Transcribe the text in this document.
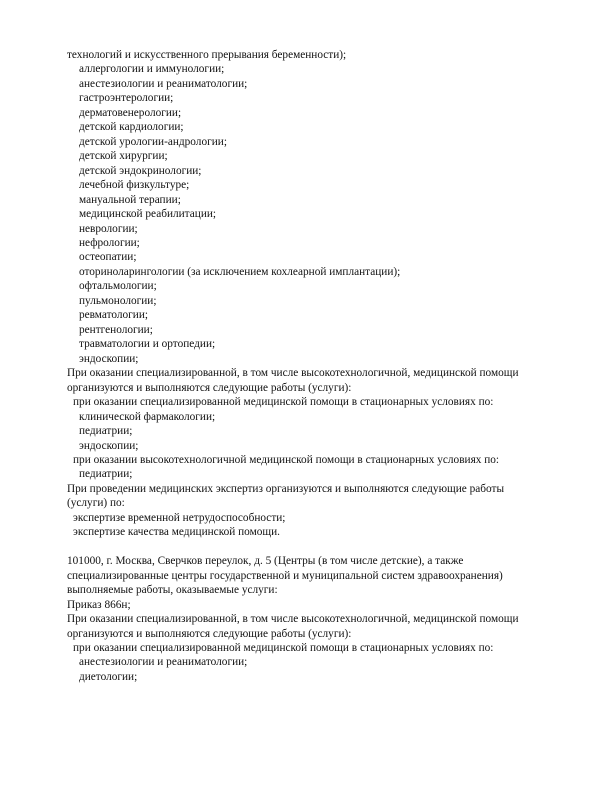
технологий и искусственного прерывания беременности);
аллергологии и иммунологии;
анестезиологии и реаниматологии;
гастроэнтерологии;
дерматовенерологии;
детской кардиологии;
детской урологии-андрологии;
детской хирургии;
детской эндокринологии;
лечебной физкультуре;
мануальной терапии;
медицинской реабилитации;
неврологии;
нефрологии;
остеопатии;
оториноларингологии (за исключением кохлеарной имплантации);
офтальмологии;
пульмонологии;
ревматологии;
рентгенологии;
травматологии и ортопедии;
эндоскопии;
При оказании специализированной, в том числе высокотехнологичной, медицинской помощи
организуются и выполняются следующие работы (услуги):
при оказании специализированной медицинской помощи в стационарных условиях по:
клинической фармакологии;
педиатрии;
эндоскопии;
при оказании высокотехнологичной медицинской помощи в стационарных условиях по:
педиатрии;
При проведении медицинских экспертиз организуются и выполняются следующие работы
(услуги) по:
экспертизе временной нетрудоспособности;
экспертизе качества медицинской помощи.
101000, г. Москва, Сверчков переулок, д. 5 (Центры (в том числе детские), а также
специализированные центры государственной и муниципальной систем здравоохранения)
выполняемые работы, оказываемые услуги:
Приказ 866н;
При оказании специализированной, в том числе высокотехнологичной, медицинской помощи
организуются и выполняются следующие работы (услуги):
при оказании специализированной медицинской помощи в стационарных условиях по:
анестезиологии и реаниматологии;
диетологии;
